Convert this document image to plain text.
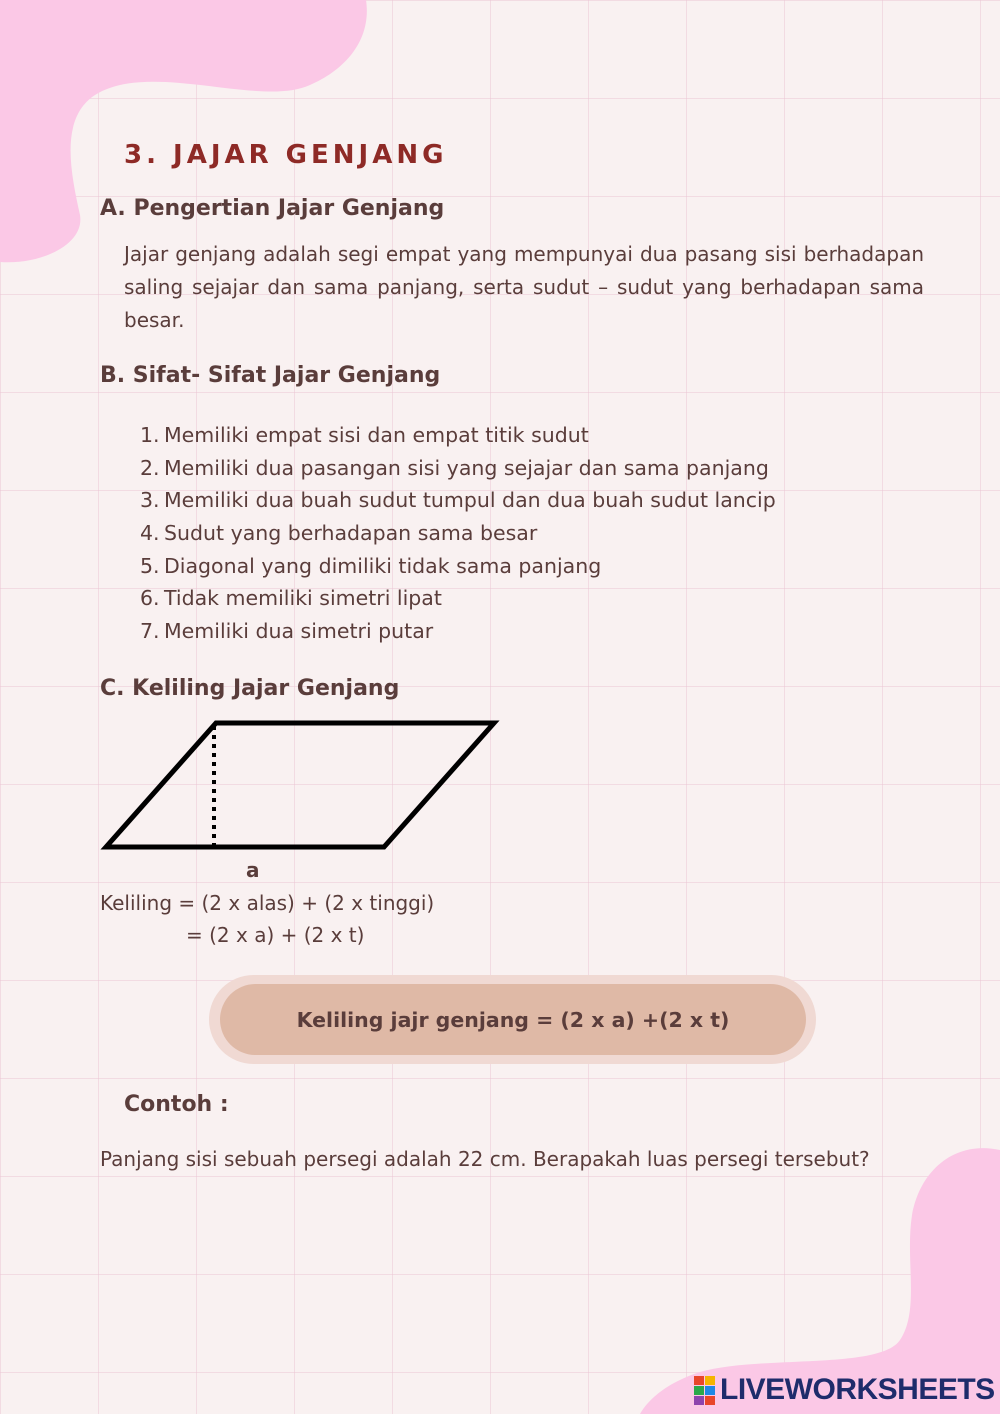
3. JAJAR GENJANG
A. Pengertian Jajar Genjang

Jajar genjang adalah segi empat yang mempunyai dua pasang sisi berhadapan saling sejajar dan sama panjang, serta sudut – sudut yang berhadapan sama besar.

B. Sifat- Sifat Jajar Genjang
1. Memiliki empat sisi dan empat titik sudut
2. Memiliki dua pasangan sisi yang sejajar dan sama panjang
3. Memiliki dua buah sudut tumpul dan dua buah sudut lancip
4. Sudut yang berhadapan sama besar
5. Diagonal yang dimiliki tidak sama panjang
6. Tidak memiliki simetri lipat
7. Memiliki dua simetri putar
C. Keliling Jajar Genjang
a

Keliling = (2 x alas) + (2 x tinggi)

= (2 x a) + (2 x t)

Keliling jajr genjang = (2 x a) +(2 x t)
Contoh :

Panjang sisi sebuah persegi adalah 22 cm. Berapakah luas persegi tersebut?

LIVEWORKSHEETS
